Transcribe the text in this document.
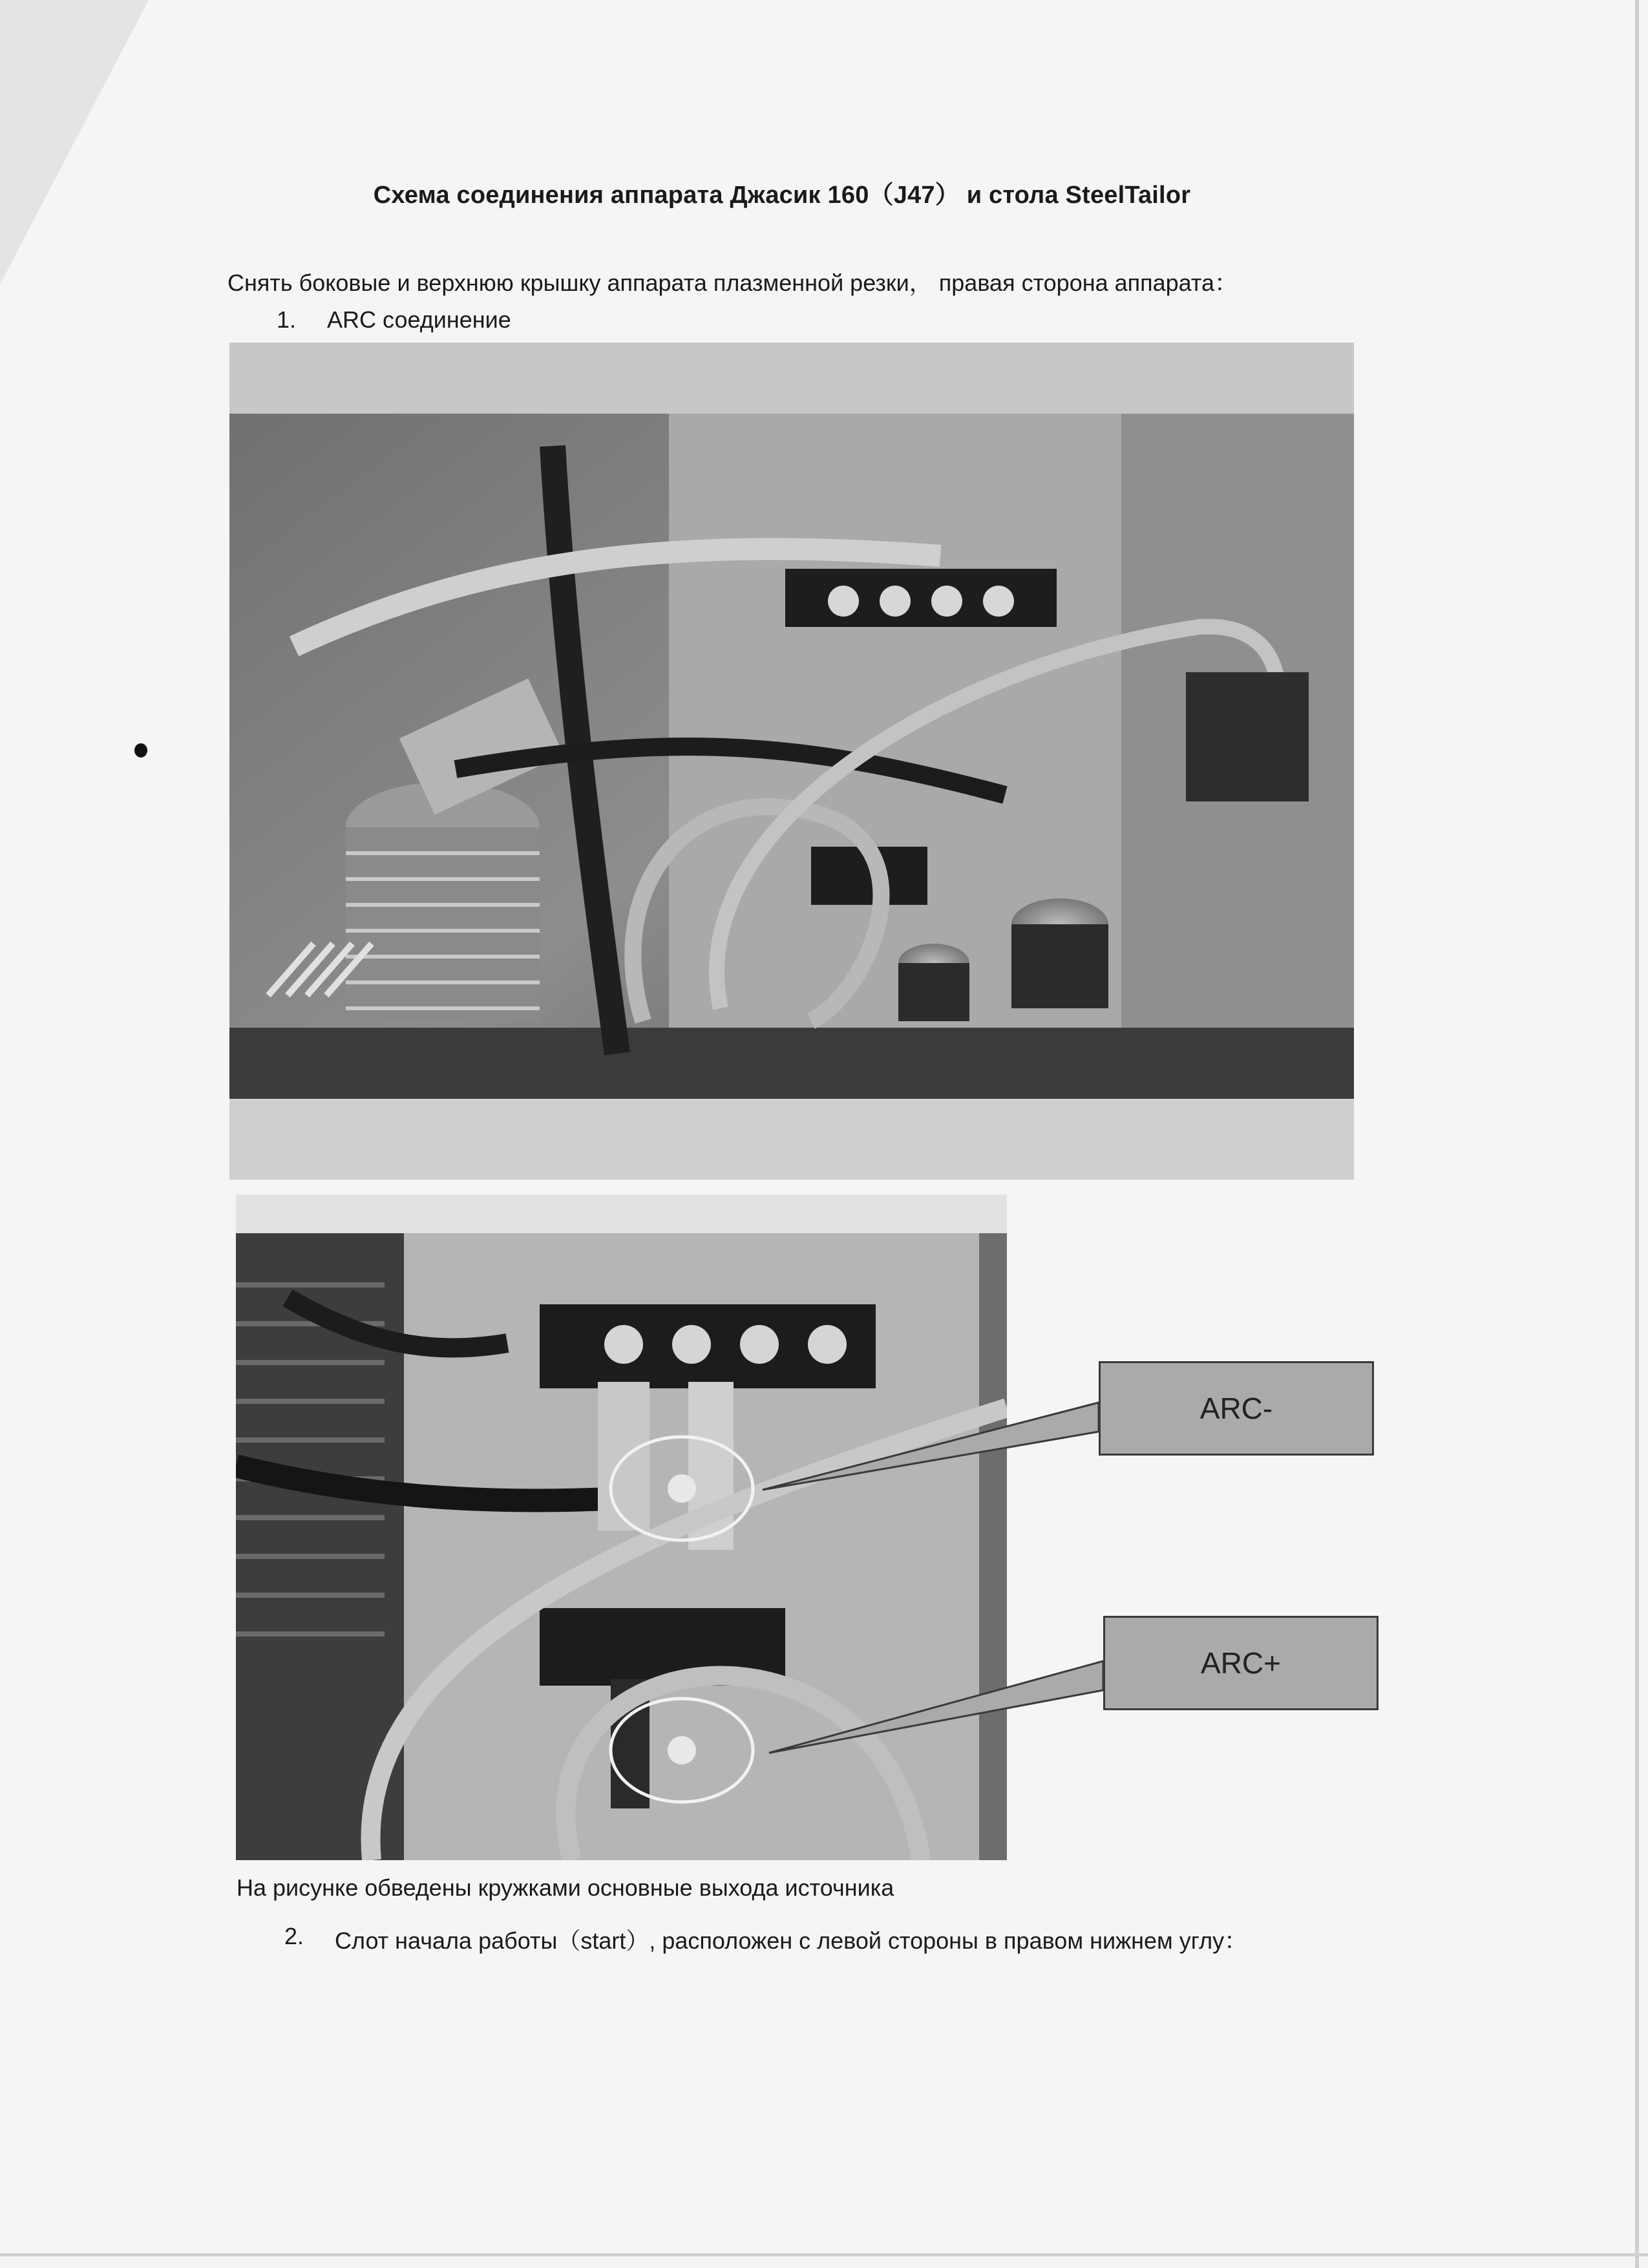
Схема соединения аппарата Джасик 160（J47） и стола SteelTailor
Снять боковые и верхнюю крышку аппарата плазменной резки， правая сторона аппарата：
1. ARC соединение
ARC-
ARC+
На рисунке обведены кружками основные выхода источника
2. Слот начала работы（start）, расположен с левой стороны в правом нижнем углу：
